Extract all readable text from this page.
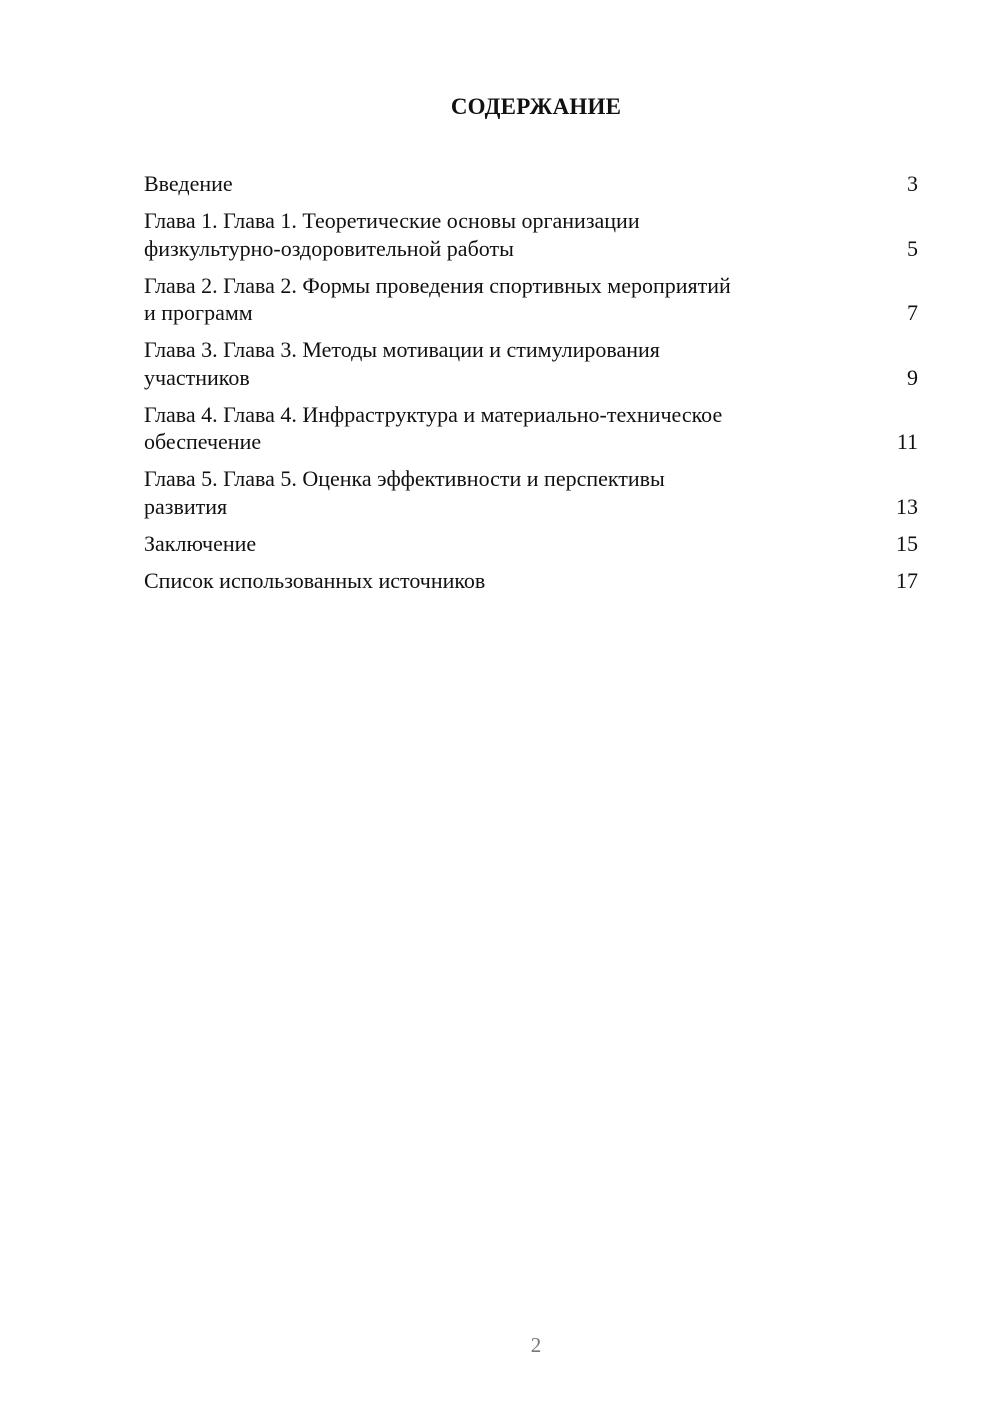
СОДЕРЖАНИЕ
Введение	3
Глава 1. Глава 1. Теоретические основы организации
физкультурно-оздоровительной работы	5
Глава 2. Глава 2. Формы проведения спортивных мероприятий
и программ	7
Глава 3. Глава 3. Методы мотивации и стимулирования
участников	9
Глава 4. Глава 4. Инфраструктура и материально-техническое
обеспечение	11
Глава 5. Глава 5. Оценка эффективности и перспективы
развития	13
Заключение	15
Список использованных источников	17
2
